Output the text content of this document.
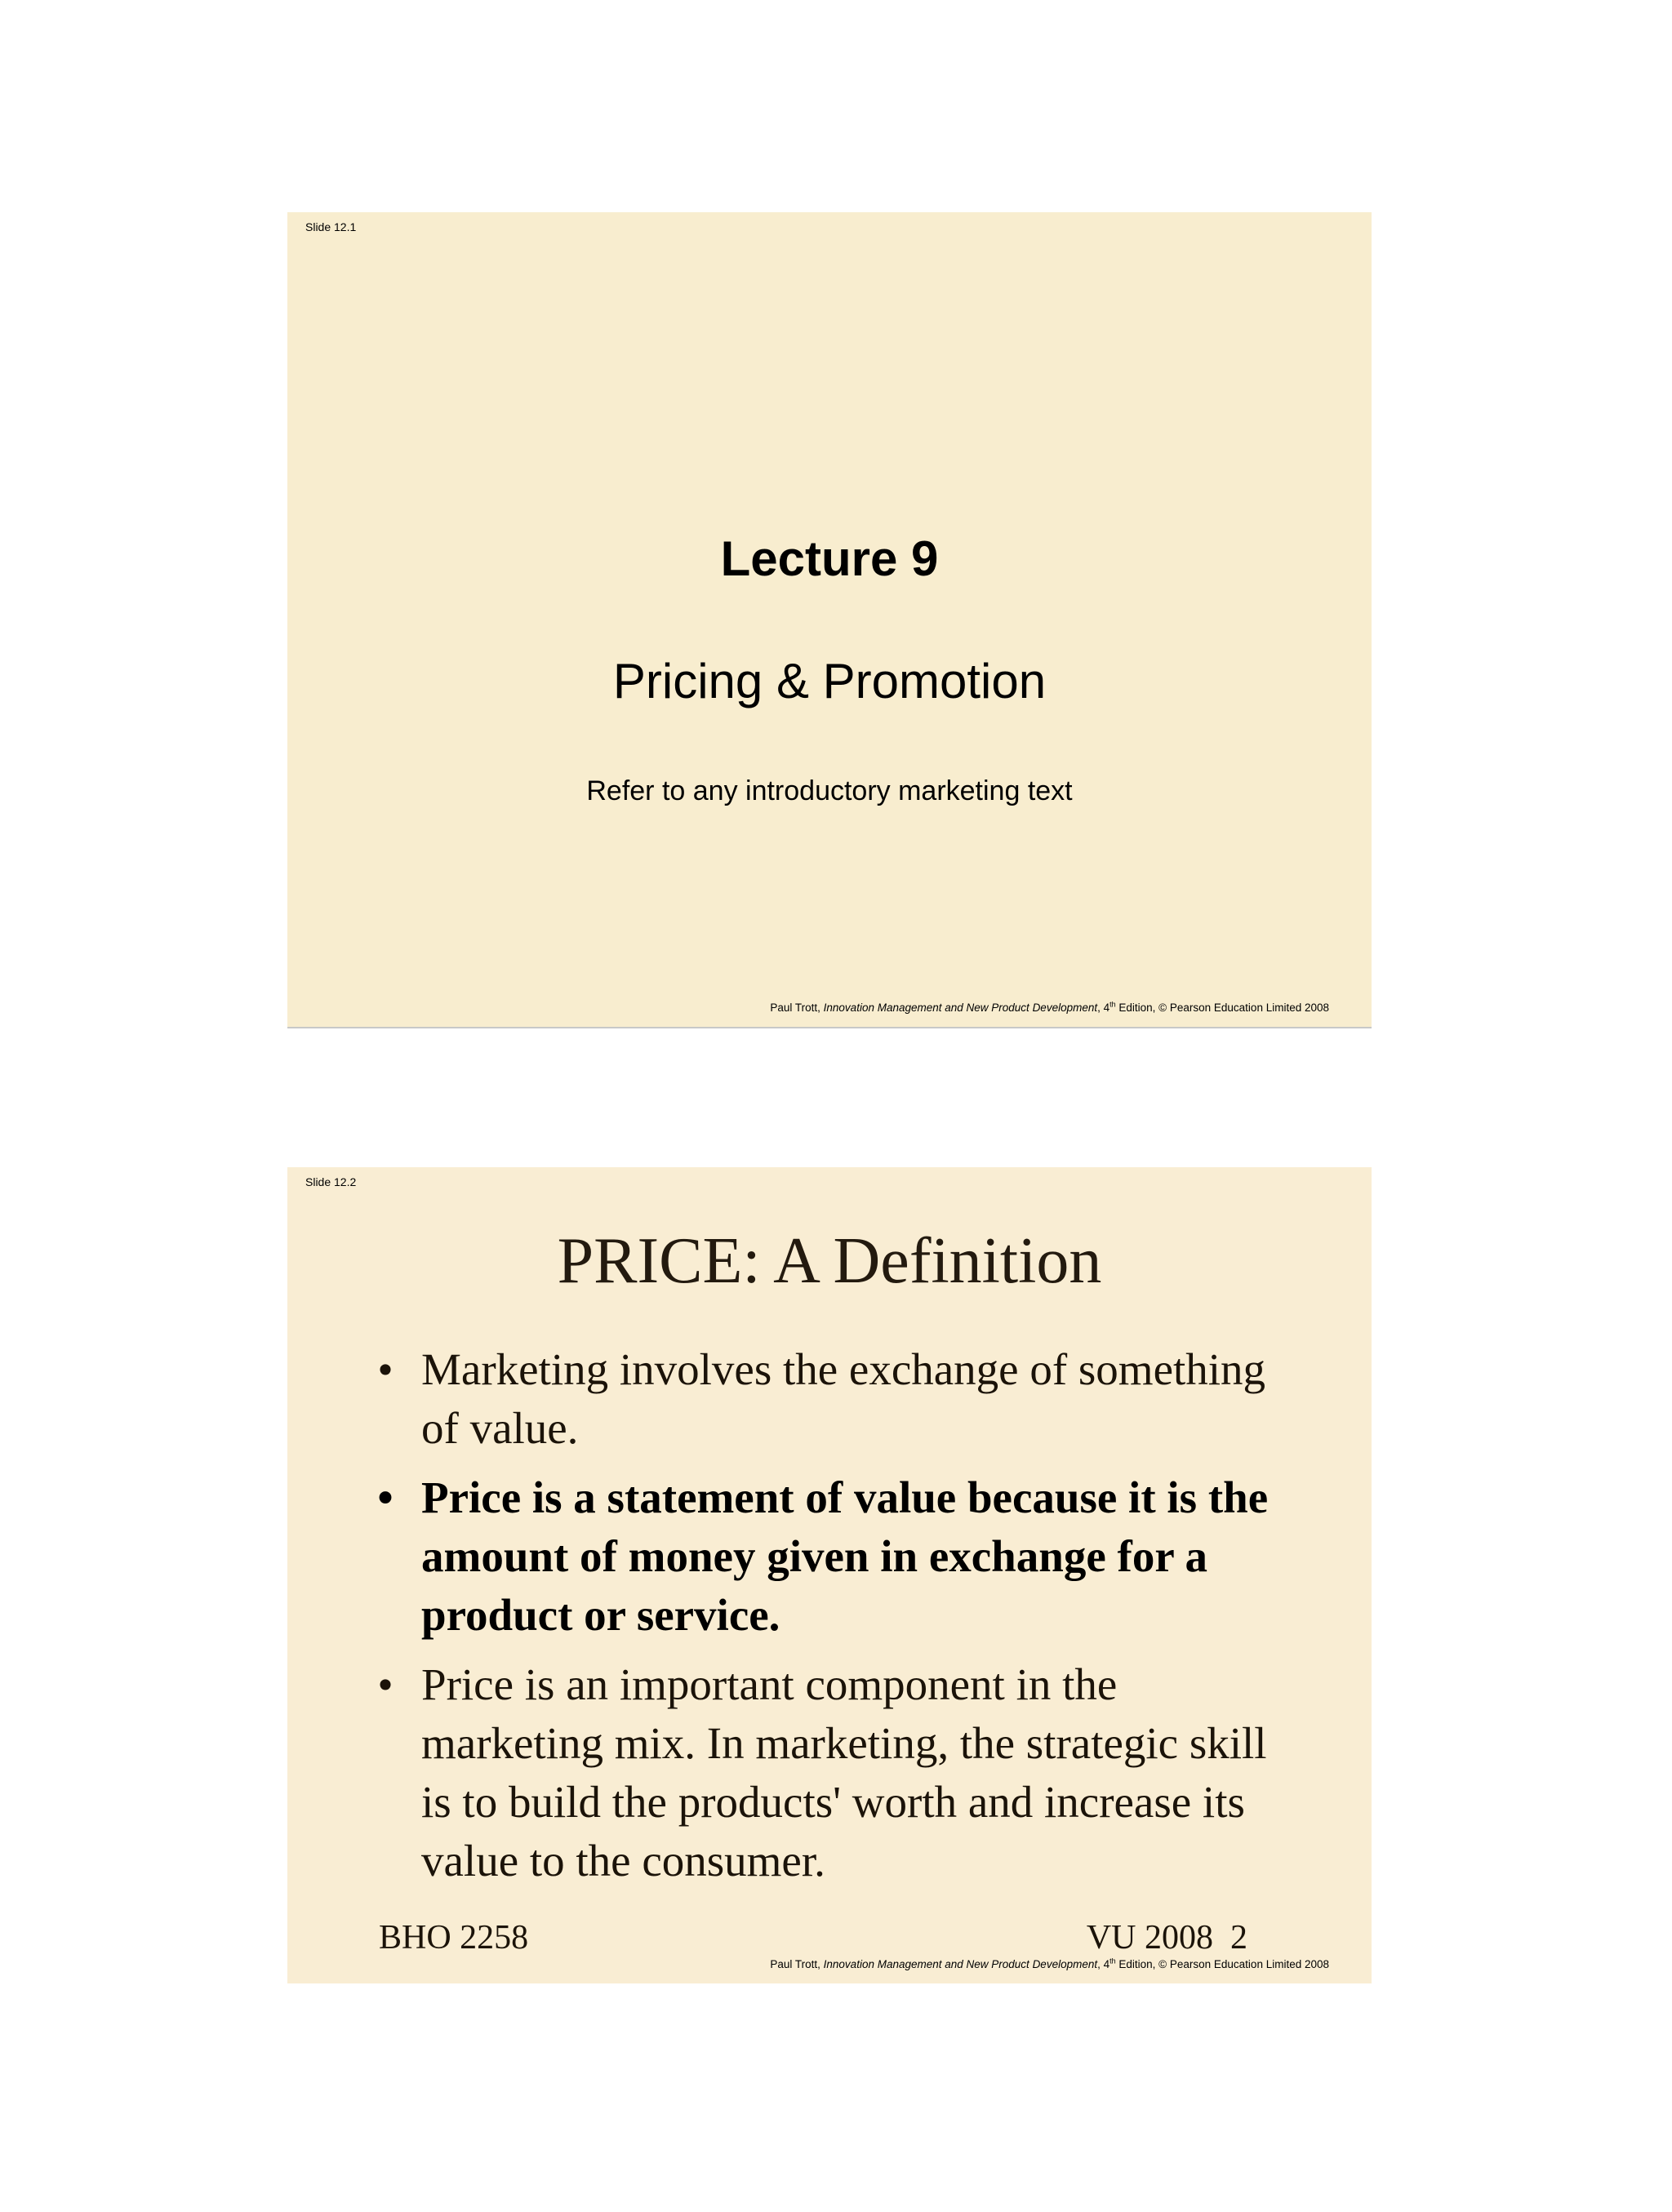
Slide 12.1
Lecture 9
Pricing & Promotion
Refer to any introductory marketing text
Paul Trott, Innovation Management and New Product Development, 4th Edition, © Pearson Education Limited 2008
Slide 12.2
PRICE: A Definition
• Marketing involves the exchange of something of value.
• Price is a statement of value because it is the amount of money given in exchange for a product or service.
• Price is an important component in the marketing mix. In marketing, the strategic skill is to build the products' worth and increase its value to the consumer.
BHO 2258	VU 2008  2
Paul Trott, Innovation Management and New Product Development, 4th Edition, © Pearson Education Limited 2008
